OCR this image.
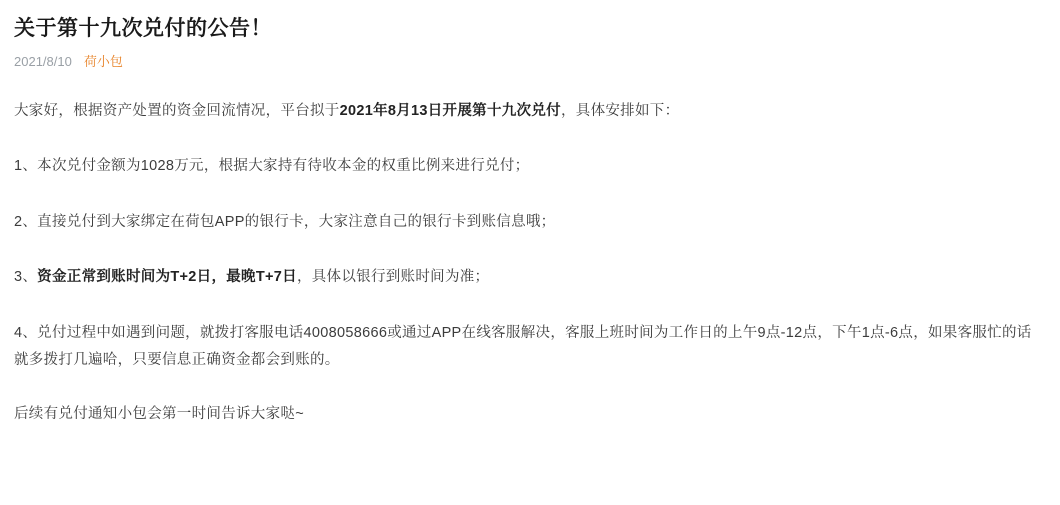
关于第十九次兑付的公告！
2021/8/10 荷小包

大家好，根据资产处置的资金回流情况，平台拟于2021年8月13日开展第十九次兑付，具体安排如下：

1、本次兑付金额为1028万元，根据大家持有待收本金的权重比例来进行兑付；

2、直接兑付到大家绑定在荷包APP的银行卡，大家注意自己的银行卡到账信息哦；

3、资金正常到账时间为T+2日，最晚T+7日，具体以银行到账时间为准；

4、兑付过程中如遇到问题，就拨打客服电话4008058666或通过APP在线客服解决，客服上班时间为工作日的上午9点-12点，下午1点-6点，如果客服忙的话就多拨打几遍哈，只要信息正确资金都会到账的。

后续有兑付通知小包会第一时间告诉大家哒~
